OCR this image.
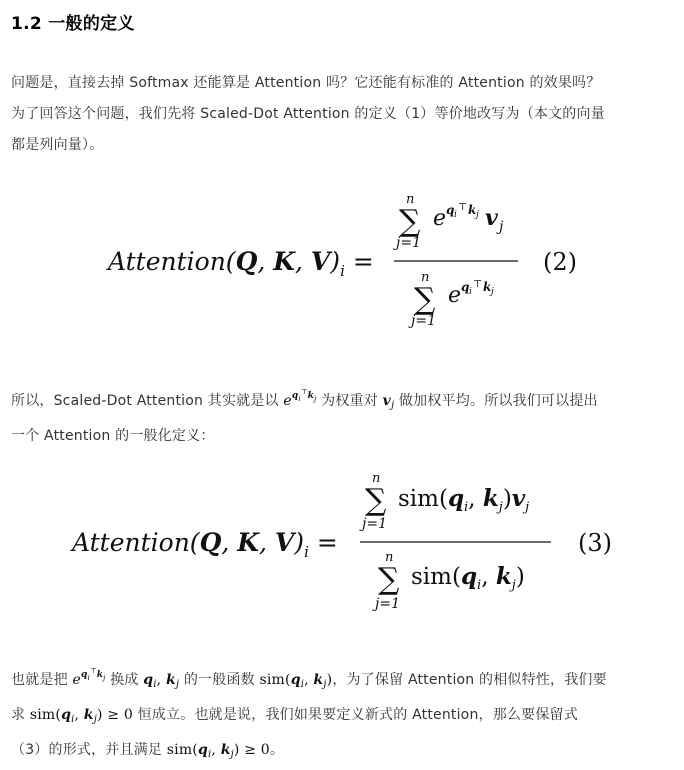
1.2 一般的定义
问题是，直接去掉 Softmax 还能算是 Attention 吗？它还能有标准的 Attention 的效果吗？
为了回答这个问题，我们先将 Scaled-Dot Attention 的定义（1）等价地改写为（本文的向量
都是列向量）。
Attention(Q, K, $V)_i$ =
n
∑
j=1
e q i
⊤ k j v j
n
∑
j=1
e q i
⊤ k j
(2)
所以，Scaled-Dot Attention 其实就是以 $e^{q_i^⊤k_j}$ 为权重对 $v_j$ 做加权平均。所以我们可以提出
一个 Attention 的一般化定义：
Attention(Q, K, $V)_i$ =
n
∑
j=1
$sim(q_i$, $k_j)v_j$
n
∑
j=1
$sim(q_i$, $k_j$)
(3)
也就是把 $e^{q_i^⊤k_j}$ 换成 $q_i$, $k_j$ 的一般函数 $sim(q_i$, $k_j$)，为了保留 Attention 的相似特性，我们要
求 $sim(q_i$, $k_j) \ge 0$ 恒成立。也就是说，我们如果要定义新式的 Attention，那么要保留式
（3）的形式，并且满足 $sim(q_i$, $k_j) \ge 0$。
